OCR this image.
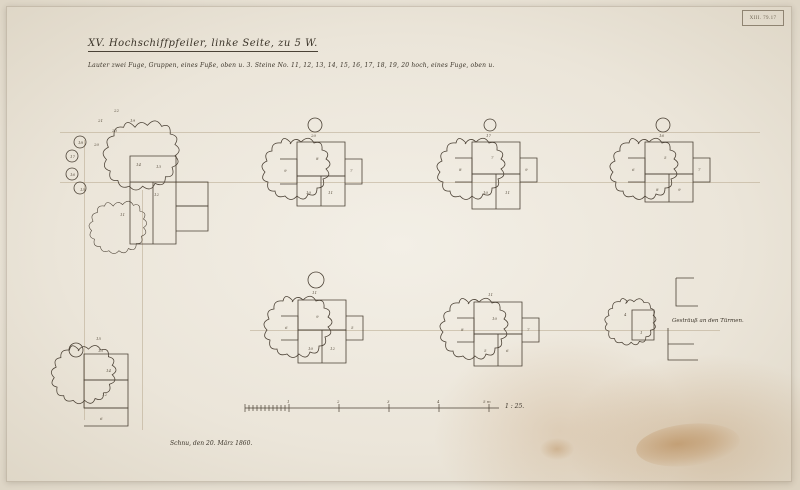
XIII. 79.17
XV. Hochschiffpfeiler, linke Seite, zu 5 W.
Lauter zwei Fuge, Gruppen, eines Fuße, oben u. 3. Steine No. 11, 12, 13, 14, 15, 16, 17, 18, 19, 20 hoch, eines Fuge, oben u.
22
21	19
23
20
18
17
16
15
14	13
12
11
20
9
8
7
10	11
17
8
7
9
10	11
16
6
5
7
8	9
15
13
14
12
6
11
6
9
5
10	12
11
8
10
7
5	6
4
1
Gesträuß an den Türmen.
1	2	3	4	5 m
1 : 25.
Schnu, den 20. März 1860.
